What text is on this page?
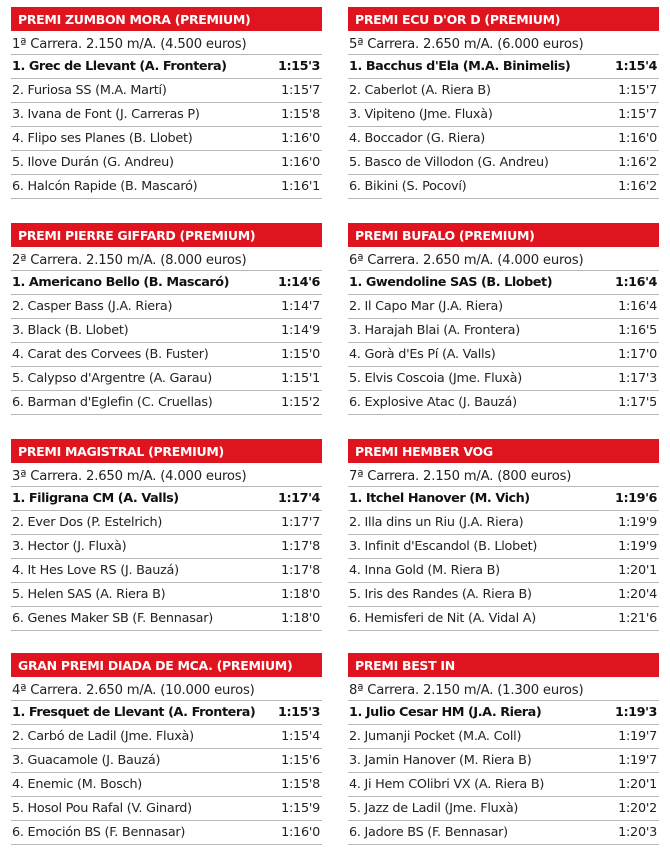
PREMI ZUMBON MORA (PREMIUM)
1ª Carrera. 2.150 m/A. (4.500 euros)
1. Grec de Llevant (A. Frontera)	1:15'3
2. Furiosa SS (M.A. Martí)	1:15'7
3. Ivana de Font (J. Carreras P)	1:15'8
4. Flipo ses Planes (B. Llobet)	1:16'0
5. Ilove Durán (G. Andreu)	1:16'0
6. Halcón Rapide (B. Mascaró)	1:16'1
PREMI ECU D'OR D (PREMIUM)
5ª Carrera. 2.650 m/A. (6.000 euros)
1. Bacchus d'Ela (M.A. Binimelis)	1:15'4
2. Caberlot (A. Riera B)	1:15'7
3. Vipiteno (Jme. Fluxà)	1:15'7
4. Boccador (G. Riera)	1:16'0
5. Basco de Villodon (G. Andreu)	1:16'2
6. Bikini (S. Pocoví)	1:16'2
PREMI PIERRE GIFFARD (PREMIUM)
2ª Carrera. 2.150 m/A. (8.000 euros)
1. Americano Bello (B. Mascaró)	1:14'6
2. Casper Bass (J.A. Riera)	1:14'7
3. Black (B. Llobet)	1:14'9
4. Carat des Corvees (B. Fuster)	1:15'0
5. Calypso d'Argentre (A. Garau)	1:15'1
6. Barman d'Eglefin (C. Cruellas)	1:15'2
PREMI BUFALO (PREMIUM)
6ª Carrera. 2.650 m/A. (4.000 euros)
1. Gwendoline SAS (B. Llobet)	1:16'4
2. Il Capo Mar (J.A. Riera)	1:16'4
3. Harajah Blai (A. Frontera)	1:16'5
4. Gorà d'Es Pí (A. Valls)	1:17'0
5. Elvis Coscoia (Jme. Fluxà)	1:17'3
6. Explosive Atac (J. Bauzá)	1:17'5
PREMI MAGISTRAL (PREMIUM)
3ª Carrera. 2.650 m/A. (4.000 euros)
1. Filigrana CM (A. Valls)	1:17'4
2. Ever Dos (P. Estelrich)	1:17'7
3. Hector (J. Fluxà)	1:17'8
4. It Hes Love RS (J. Bauzá)	1:17'8
5. Helen SAS (A. Riera B)	1:18'0
6. Genes Maker SB (F. Bennasar)	1:18'0
PREMI HEMBER VOG
7ª Carrera. 2.150 m/A. (800 euros)
1. Itchel Hanover (M. Vich)	1:19'6
2. Illa dins un Riu (J.A. Riera)	1:19'9
3. Infinit d'Escandol (B. Llobet)	1:19'9
4. Inna Gold (M. Riera B)	1:20'1
5. Iris des Randes (A. Riera B)	1:20'4
6. Hemisferi de Nit (A. Vidal A)	1:21'6
GRAN PREMI DIADA DE MCA. (PREMIUM)
4ª Carrera. 2.650 m/A. (10.000 euros)
1. Fresquet de Llevant (A. Frontera)	1:15'3
2. Carbó de Ladil (Jme. Fluxà)	1:15'4
3. Guacamole (J. Bauzá)	1:15'6
4. Enemic (M. Bosch)	1:15'8
5. Hosol Pou Rafal (V. Ginard)	1:15'9
6. Emoción BS (F. Bennasar)	1:16'0
PREMI BEST IN
8ª Carrera. 2.150 m/A. (1.300 euros)
1. Julio Cesar HM (J.A. Riera)	1:19'3
2. Jumanji Pocket (M.A. Coll)	1:19'7
3. Jamin Hanover (M. Riera B)	1:19'7
4. Ji Hem COlibri VX (A. Riera B)	1:20'1
5. Jazz de Ladil (Jme. Fluxà)	1:20'2
6. Jadore BS (F. Bennasar)	1:20'3
